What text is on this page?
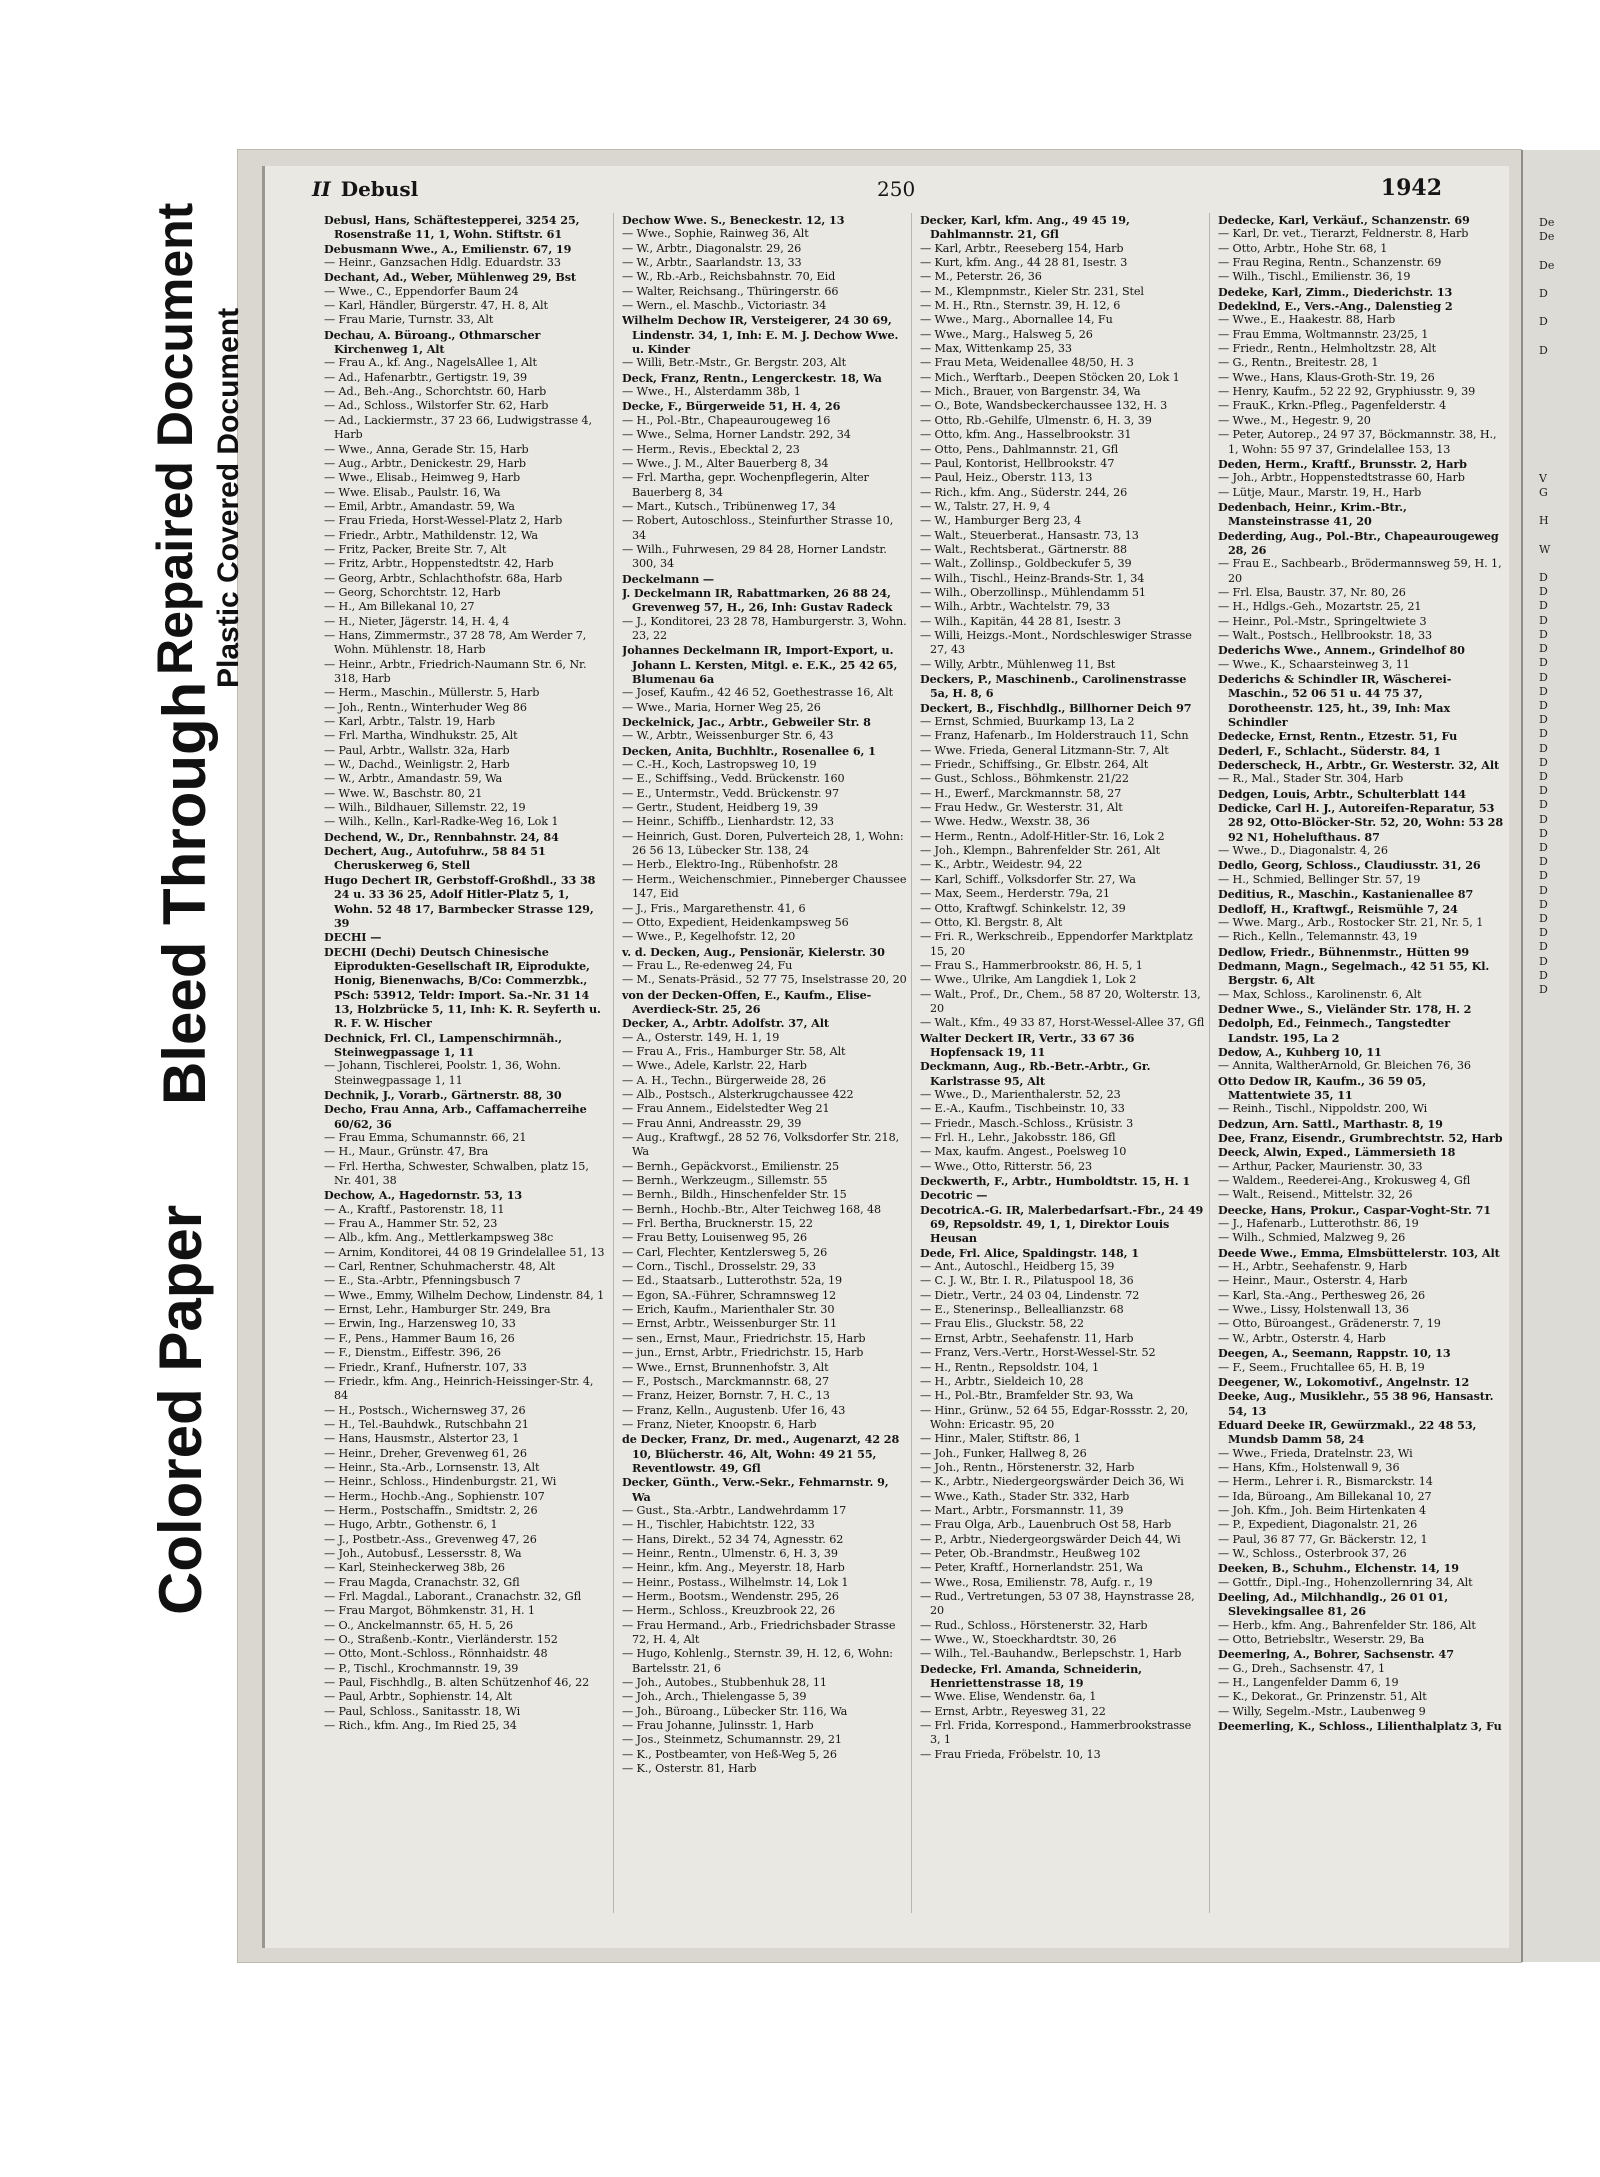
De
De

De

D

D

D

V
G

H

W

D
D
D
D
D
D
D
D
D
D
D
D
D
D
D
D
D
D
D
D
D
D
D
D
D
D
D
D
D
D
Colored Paper
Bleed Through
Repaired Document Plastic Covered Document
II Debusl	250	1942

Debusl, Hans, Schäftestepperei, 3254 25, Rosenstraße 11, 1, Wohn. Stiftstr. 61

Debusmann Wwe., A., Emilienstr. 67, 19

— Heinr., Ganzsachen Hdlg. Eduardstr. 33

Dechant, Ad., Weber, Mühlenweg 29, Bst

— Wwe., C., Eppendorfer Baum 24

— Karl, Händler, Bürgerstr. 47, H. 8, Alt

— Frau Marie, Turnstr. 33, Alt

Dechau, A. Büroang., Othmarscher Kirchenweg 1, Alt

— Frau A., kf. Ang., NagelsAllee 1, Alt

— Ad., Hafenarbtr., Gertigstr. 19, 39

— Ad., Beh.-Ang., Schorchtstr. 60, Harb

— Ad., Schloss., Wilstorfer Str. 62, Harb

— Ad., Lackiermstr., 37 23 66, Ludwigstrasse 4, Harb

— Wwe., Anna, Gerade Str. 15, Harb

— Aug., Arbtr., Denickestr. 29, Harb

— Wwe., Elisab., Heimweg 9, Harb

— Wwe. Elisab., Paulstr. 16, Wa

— Emil, Arbtr., Amandastr. 59, Wa

— Frau Frieda, Horst-Wessel-Platz 2, Harb

— Friedr., Arbtr., Mathildenstr. 12, Wa

— Fritz, Packer, Breite Str. 7, Alt

— Fritz, Arbtr., Hoppenstedtstr. 42, Harb

— Georg, Arbtr., Schlachthofstr. 68a, Harb

— Georg, Schorchtstr. 12, Harb

— H., Am Billekanal 10, 27

— H., Nieter, Jägerstr. 14, H. 4, 4

— Hans, Zimmermstr., 37 28 78, Am Werder 7, Wohn. Mühlenstr. 18, Harb

— Heinr., Arbtr., Friedrich-Naumann Str. 6, Nr. 318, Harb

— Herm., Maschin., Müllerstr. 5, Harb

— Joh., Rentn., Winterhuder Weg 86

— Karl, Arbtr., Talstr. 19, Harb

— Frl. Martha, Windhukstr. 25, Alt

— Paul, Arbtr., Wallstr. 32a, Harb

— W., Dachd., Weinligstr. 2, Harb

— W., Arbtr., Amandastr. 59, Wa

— Wwe. W., Baschstr. 80, 21

— Wilh., Bildhauer, Sillemstr. 22, 19

— Wilh., Kelln., Karl-Radke-Weg 16, Lok 1

Dechend, W., Dr., Rennbahnstr. 24, 84

Dechert, Aug., Autofuhrw., 58 84 51 Cheruskerweg 6, Stell

Hugo Dechert IR, Gerbstoff-Großhdl., 33 38 24 u. 33 36 25, Adolf Hitler-Platz 5, 1, Wohn. 52 48 17, Barmbecker Strasse 129, 39

DECHI —

DECHI (Dechi) Deutsch Chinesische Eiprodukten-Gesellschaft IR, Eiprodukte, Honig, Bienenwachs, B/Co: Commerzbk., PSch: 53912, Teldr: Import. Sa.-Nr. 31 14 13, Holzbrücke 5, 11, Inh: K. R. Seyferth u. R. F. W. Hischer

Dechnick, Frl. Cl., Lampenschirmnäh., Steinwegpassage 1, 11

— Johann, Tischlerei, Poolstr. 1, 36, Wohn. Steinwegpassage 1, 11

Dechnik, J., Vorarb., Gärtnerstr. 88, 30

Decho, Frau Anna, Arb., Caffamacherreihe 60/62, 36

— Frau Emma, Schumannstr. 66, 21

— H., Maur., Grünstr. 47, Bra

— Frl. Hertha, Schwester, Schwalben, platz 15, Nr. 401, 38

Dechow, A., Hagedornstr. 53, 13

— A., Kraftf., Pastorenstr. 18, 11

— Frau A., Hammer Str. 52, 23

— Alb., kfm. Ang., Mettlerkampsweg 38c

— Arnim, Konditorei, 44 08 19 Grindelallee 51, 13

— Carl, Rentner, Schuhmacherstr. 48, Alt

— E., Sta.-Arbtr., Pfenningsbusch 7

— Wwe., Emmy, Wilhelm Dechow, Lindenstr. 84, 1

— Ernst, Lehr., Hamburger Str. 249, Bra

— Erwin, Ing., Harzensweg 10, 33

— F., Pens., Hammer Baum 16, 26

— F., Dienstm., Eiffestr. 396, 26

— Friedr., Kranf., Hufnerstr. 107, 33

— Friedr., kfm. Ang., Heinrich-Heissinger-Str. 4, 84

— H., Postsch., Wichernsweg 37, 26

— H., Tel.-Bauhdwk., Rutschbahn 21

— Hans, Hausmstr., Alstertor 23, 1

— Heinr., Dreher, Grevenweg 61, 26

— Heinr., Sta.-Arb., Lornsenstr. 13, Alt

— Heinr., Schloss., Hindenburgstr. 21, Wi

— Herm., Hochb.-Ang., Sophienstr. 107

— Herm., Postschaffn., Smidtstr. 2, 26

— Hugo, Arbtr., Gothenstr. 6, 1

— J., Postbetr.-Ass., Grevenweg 47, 26

— Joh., Autobusf., Lessersstr. 8, Wa

— Karl, Steinheckerweg 38b, 26

— Frau Magda, Cranachstr. 32, Gfl

— Frl. Magdal., Laborant., Cranachstr. 32, Gfl

— Frau Margot, Böhmkenstr. 31, H. 1

— O., Anckelmannstr. 65, H. 5, 26

— O., Straßenb.-Kontr., Vierländerstr. 152

— Otto, Mont.-Schloss., Rönnhaidstr. 48

— P., Tischl., Krochmannstr. 19, 39

— Paul, Fischhdlg., B. alten Schützenhof 46, 22

— Paul, Arbtr., Sophienstr. 14, Alt

— Paul, Schloss., Sanitasstr. 18, Wi

— Rich., kfm. Ang., Im Ried 25, 34

Dechow Wwe. S., Beneckestr. 12, 13

— Wwe., Sophie, Rainweg 36, Alt

— W., Arbtr., Diagonalstr. 29, 26

— W., Arbtr., Saarlandstr. 13, 33

— W., Rb.-Arb., Reichsbahnstr. 70, Eid

— Walter, Reichsang., Thüringerstr. 66

— Wern., el. Maschb., Victoriastr. 34

Wilhelm Dechow IR, Versteigerer, 24 30 69, Lindenstr. 34, 1, Inh: E. M. J. Dechow Wwe. u. Kinder

— Willi, Betr.-Mstr., Gr. Bergstr. 203, Alt

Deck, Franz, Rentn., Lengerckestr. 18, Wa

— Wwe., H., Alsterdamm 38b, 1

Decke, F., Bürgerweide 51, H. 4, 26

— H., Pol.-Btr., Chapeaurougeweg 16

— Wwe., Selma, Horner Landstr. 292, 34

— Herm., Revis., Ebecktal 2, 23

— Wwe., J. M., Alter Bauerberg 8, 34

— Frl. Martha, gepr. Wochenpflegerin, Alter Bauerberg 8, 34

— Mart., Kutsch., Tribünenweg 17, 34

— Robert, Autoschloss., Steinfurther Strasse 10, 34

— Wilh., Fuhrwesen, 29 84 28, Horner Landstr. 300, 34

Deckelmann —

J. Deckelmann IR, Rabattmarken, 26 88 24, Grevenweg 57, H., 26, Inh: Gustav Radeck

— J., Konditorei, 23 28 78, Hamburgerstr. 3, Wohn. 23, 22

Johannes Deckelmann IR, Import-Export, u. Johann L. Kersten, Mitgl. e. E.K., 25 42 65, Blumenau 6a

— Josef, Kaufm., 42 46 52, Goethestrasse 16, Alt

— Wwe., Maria, Horner Weg 25, 26

Deckelnick, Jac., Arbtr., Gebweiler Str. 8

— W., Arbtr., Weissenburger Str. 6, 43

Decken, Anita, Buchhltr., Rosenallee 6, 1

— C.-H., Koch, Lastropsweg 10, 19

— E., Schiffsing., Vedd. Brückenstr. 160

— E., Untermstr., Vedd. Brückenstr. 97

— Gertr., Student, Heidberg 19, 39

— Heinr., Schiffb., Lienhardstr. 12, 33

— Heinrich, Gust. Doren, Pulverteich 28, 1, Wohn: 26 56 13, Lübecker Str. 138, 24

— Herb., Elektro-Ing., Rübenhofstr. 28

— Herm., Weichenschmier., Pinneberger Chaussee 147, Eid

— J., Fris., Margarethenstr. 41, 6

— Otto, Expedient, Heidenkampsweg 56

— Wwe., P., Kegelhofstr. 12, 20

v. d. Decken, Aug., Pensionär, Kielerstr. 30

— Frau L., Re-edenweg 24, Fu

— M., Senats-Präsid., 52 77 75, Inselstrasse 20, 20

von der Decken-Offen, E., Kaufm., Elise-Averdieck-Str. 25, 26

Decker, A., Arbtr. Adolfstr. 37, Alt

— A., Osterstr. 149, H. 1, 19

— Frau A., Fris., Hamburger Str. 58, Alt

— Wwe., Adele, Karlstr. 22, Harb

— A. H., Techn., Bürgerweide 28, 26

— Alb., Postsch., Alsterkrugchaussee 422

— Frau Annem., Eidelstedter Weg 21

— Frau Anni, Andreasstr. 29, 39

— Aug., Kraftwgf., 28 52 76, Volksdorfer Str. 218, Wa

— Bernh., Gepäckvorst., Emilienstr. 25

— Bernh., Werkzeugm., Sillemstr. 55

— Bernh., Bildh., Hinschenfelder Str. 15

— Bernh., Hochb.-Btr., Alter Teichweg 168, 48

— Frl. Bertha, Brucknerstr. 15, 22

— Frau Betty, Louisenweg 95, 26

— Carl, Flechter, Kentzlersweg 5, 26

— Corn., Tischl., Drosselstr. 29, 33

— Ed., Staatsarb., Lutterothstr. 52a, 19

— Egon, SA.-Führer, Schramnsweg 12

— Erich, Kaufm., Marienthaler Str. 30

— Ernst, Arbtr., Weissenburger Str. 11

— sen., Ernst, Maur., Friedrichstr. 15, Harb

— jun., Ernst, Arbtr., Friedrichstr. 15, Harb

— Wwe., Ernst, Brunnenhofstr. 3, Alt

— F., Postsch., Marckmannstr. 68, 27

— Franz, Heizer, Bornstr. 7, H. C., 13

— Franz, Kelln., Augustenb. Ufer 16, 43

— Franz, Nieter, Knoopstr. 6, Harb

de Decker, Franz, Dr. med., Augenarzt, 42 28 10, Blücherstr. 46, Alt, Wohn: 49 21 55, Reventlowstr. 49, Gfl

Decker, Günth., Verw.-Sekr., Fehmarnstr. 9, Wa

— Gust., Sta.-Arbtr., Landwehrdamm 17

— H., Tischler, Habichtstr. 122, 33

— Hans, Direkt., 52 34 74, Agnesstr. 62

— Heinr., Rentn., Ulmenstr. 6, H. 3, 39

— Heinr., kfm. Ang., Meyerstr. 18, Harb

— Heinr., Postass., Wilhelmstr. 14, Lok 1

— Herm., Bootsm., Wendenstr. 295, 26

— Herm., Schloss., Kreuzbrook 22, 26

— Frau Hermand., Arb., Friedrichsbader Strasse 72, H. 4, Alt

— Hugo, Kohlenlg., Sternstr. 39, H. 12, 6, Wohn: Bartelsstr. 21, 6

— Joh., Autobes., Stubbenhuk 28, 11

— Joh., Arch., Thielengasse 5, 39

— Joh., Büroang., Lübecker Str. 116, Wa

— Frau Johanne, Julinsstr. 1, Harb

— Jos., Steinmetz, Schumannstr. 29, 21

— K., Postbeamter, von Heß-Weg 5, 26

— K., Osterstr. 81, Harb

Decker, Karl, kfm. Ang., 49 45 19, Dahlmannstr. 21, Gfl

— Karl, Arbtr., Reeseberg 154, Harb

— Kurt, kfm. Ang., 44 28 81, Isestr. 3

— M., Peterstr. 26, 36

— M., Klempnmstr., Kieler Str. 231, Stel

— M. H., Rtn., Sternstr. 39, H. 12, 6

— Wwe., Marg., Abornallee 14, Fu

— Wwe., Marg., Halsweg 5, 26

— Max, Wittenkamp 25, 33

— Frau Meta, Weidenallee 48/50, H. 3

— Mich., Werftarb., Deepen Stöcken 20, Lok 1

— Mich., Brauer, von Bargenstr. 34, Wa

— O., Bote, Wandsbeckerchaussee 132, H. 3

— Otto, Rb.-Gehilfe, Ulmenstr. 6, H. 3, 39

— Otto, kfm. Ang., Hasselbrookstr. 31

— Otto, Pens., Dahlmannstr. 21, Gfl

— Paul, Kontorist, Hellbrookstr. 47

— Paul, Heiz., Oberstr. 113, 13

— Rich., kfm. Ang., Süderstr. 244, 26

— W., Talstr. 27, H. 9, 4

— W., Hamburger Berg 23, 4

— Walt., Steuerberat., Hansastr. 73, 13

— Walt., Rechtsberat., Gärtnerstr. 88

— Walt., Zollinsp., Goldbeckufer 5, 39

— Wilh., Tischl., Heinz-Brands-Str. 1, 34

— Wilh., Oberzollinsp., Mühlendamm 51

— Wilh., Arbtr., Wachtelstr. 79, 33

— Wilh., Kapitän, 44 28 81, Isestr. 3

— Willi, Heizgs.-Mont., Nordschleswiger Strasse 27, 43

— Willy, Arbtr., Mühlenweg 11, Bst

Deckers, P., Maschinenb., Carolinenstrasse 5a, H. 8, 6

Deckert, B., Fischhdlg., Billhorner Deich 97

— Ernst, Schmied, Buurkamp 13, La 2

— Franz, Hafenarb., Im Holderstrauch 11, Schn

— Wwe. Frieda, General Litzmann-Str. 7, Alt

— Friedr., Schiffsing., Gr. Elbstr. 264, Alt

— Gust., Schloss., Böhmkenstr. 21/22

— H., Ewerf., Marckmannstr. 58, 27

— Frau Hedw., Gr. Westerstr. 31, Alt

— Wwe. Hedw., Wexstr. 38, 36

— Herm., Rentn., Adolf-Hitler-Str. 16, Lok 2

— Joh., Klempn., Bahrenfelder Str. 261, Alt

— K., Arbtr., Weidestr. 94, 22

— Karl, Schiff., Volksdorfer Str. 27, Wa

— Max, Seem., Herderstr. 79a, 21

— Otto, Kraftwgf. Schinkelstr. 12, 39

— Otto, Kl. Bergstr. 8, Alt

— Fri. R., Werkschreib., Eppendorfer Marktplatz 15, 20

— Frau S., Hammerbrookstr. 86, H. 5, 1

— Wwe., Ulrike, Am Langdiek 1, Lok 2

— Walt., Prof., Dr., Chem., 58 87 20, Wolterstr. 13, 20

— Walt., Kfm., 49 33 87, Horst-Wessel-Allee 37, Gfl

Walter Deckert IR, Vertr., 33 67 36 Hopfensack 19, 11

Deckmann, Aug., Rb.-Betr.-Arbtr., Gr. Karlstrasse 95, Alt

— Wwe., D., Marienthalerstr. 52, 23

— E.-A., Kaufm., Tischbeinstr. 10, 33

— Friedr., Masch.-Schloss., Krüsistr. 3

— Frl. H., Lehr., Jakobsstr. 186, Gfl

— Max, kaufm. Angest., Poelsweg 10

— Wwe., Otto, Ritterstr. 56, 23

Deckwerth, F., Arbtr., Humboldtstr. 15, H. 1

Decotric —

DecotricA.-G. IR, Malerbedarfsart.-Fbr., 24 49 69, Repsoldstr. 49, 1, 1, Direktor Louis Heusan

Dede, Frl. Alice, Spaldingstr. 148, 1

— Ant., Autoschl., Heidberg 15, 39

— C. J. W., Btr. I. R., Pilatuspool 18, 36

— Dietr., Vertr., 24 03 04, Lindenstr. 72

— E., Stenerinsp., Belleallianzstr. 68

— Frau Elis., Gluckstr. 58, 22

— Ernst, Arbtr., Seehafenstr. 11, Harb

— Franz, Vers.-Vertr., Horst-Wessel-Str. 52

— H., Rentn., Repsoldstr. 104, 1

— H., Arbtr., Sieldeich 10, 28

— H., Pol.-Btr., Bramfelder Str. 93, Wa

— Hinr., Grünw., 52 64 55, Edgar-Rossstr. 2, 20, Wohn: Ericastr. 95, 20

— Hinr., Maler, Stiftstr. 86, 1

— Joh., Funker, Hallweg 8, 26

— Joh., Rentn., Hörstenerstr. 32, Harb

— K., Arbtr., Niedergeorgswärder Deich 36, Wi

— Wwe., Kath., Stader Str. 332, Harb

— Mart., Arbtr., Forsmannstr. 11, 39

— Frau Olga, Arb., Lauenbruch Ost 58, Harb

— P., Arbtr., Niedergeorgswärder Deich 44, Wi

— Peter, Ob.-Brandmstr., Heußweg 102

— Peter, Kraftf., Hornerlandstr. 251, Wa

— Wwe., Rosa, Emilienstr. 78, Aufg. r., 19

— Rud., Vertretungen, 53 07 38, Haynstrasse 28, 20

— Rud., Schloss., Hörstenerstr. 32, Harb

— Wwe., W., Stoeckhardtstr. 30, 26

— Wilh., Tel.-Bauhandw., Berlepschstr. 1, Harb

Dedecke, Frl. Amanda, Schneiderin, Henriettenstrasse 18, 19

— Wwe. Elise, Wendenstr. 6a, 1

— Ernst, Arbtr., Reyesweg 31, 22

— Frl. Frida, Korrespond., Hammerbrookstrasse 3, 1

— Frau Frieda, Fröbelstr. 10, 13

Dedecke, Karl, Verkäuf., Schanzenstr. 69

— Karl, Dr. vet., Tierarzt, Feldnerstr. 8, Harb

— Otto, Arbtr., Hohe Str. 68, 1

— Frau Regina, Rentn., Schanzenstr. 69

— Wilh., Tischl., Emilienstr. 36, 19

Dedeke, Karl, Zimm., Diederichstr. 13

Dedeklnd, E., Vers.-Ang., Dalenstieg 2

— Wwe., E., Haakestr. 88, Harb

— Frau Emma, Woltmannstr. 23/25, 1

— Friedr., Rentn., Helmholtzstr. 28, Alt

— G., Rentn., Breitestr. 28, 1

— Wwe., Hans, Klaus-Groth-Str. 19, 26

— Henry, Kaufm., 52 22 92, Gryphiusstr. 9, 39

— FrauK., Krkn.-Pfleg., Pagenfelderstr. 4

— Wwe., M., Hegestr. 9, 20

— Peter, Autorep., 24 97 37, Böckmannstr. 38, H., 1, Wohn: 55 97 37, Grindelallee 153, 13

Deden, Herm., Kraftf., Brunsstr. 2, Harb

— Joh., Arbtr., Hoppenstedtstrasse 60, Harb

— Lütje, Maur., Marstr. 19, H., Harb

Dedenbach, Heinr., Krim.-Btr., Mansteinstrasse 41, 20

Dederding, Aug., Pol.-Btr., Chapeaurougeweg 28, 26

— Frau E., Sachbearb., Brödermannsweg 59, H. 1, 20

— Frl. Elsa, Baustr. 37, Nr. 80, 26

— H., Hdlgs.-Geh., Mozartstr. 25, 21

— Heinr., Pol.-Mstr., Springeltwiete 3

— Walt., Postsch., Hellbrookstr. 18, 33

Dederichs Wwe., Annem., Grindelhof 80

— Wwe., K., Schaarsteinweg 3, 11

Dederichs & Schindler IR, Wäscherei-Maschin., 52 06 51 u. 44 75 37, Dorotheenstr. 125, ht., 39, Inh: Max Schindler

Dedecke, Ernst, Rentn., Etzestr. 51, Fu

Dederl, F., Schlacht., Süderstr. 84, 1

Dederscheck, H., Arbtr., Gr. Westerstr. 32, Alt

— R., Mal., Stader Str. 304, Harb

Dedgen, Louis, Arbtr., Schulterblatt 144

Dedicke, Carl H. J., Autoreifen-Reparatur, 53 28 92, Otto-Blöcker-Str. 52, 20, Wohn: 53 28 92 N1, Hohelufthaus. 87

— Wwe., D., Diagonalstr. 4, 26

Dedlo, Georg, Schloss., Claudiusstr. 31, 26

— H., Schmied, Bellinger Str. 57, 19

Deditius, R., Maschin., Kastanienallee 87

Dedloff, H., Kraftwgf., Reismühle 7, 24

— Wwe. Marg., Arb., Rostocker Str. 21, Nr. 5, 1

— Rich., Kelln., Telemannstr. 43, 19

Dedlow, Friedr., Bühnenmstr., Hütten 99

Dedmann, Magn., Segelmach., 42 51 55, Kl. Bergstr. 6, Alt

— Max, Schloss., Karolinenstr. 6, Alt

Dedner Wwe., S., Vieländer Str. 178, H. 2

Dedolph, Ed., Feinmech., Tangstedter Landstr. 195, La 2

Dedow, A., Kuhberg 10, 11

— Annita, WaltherArnold, Gr. Bleichen 76, 36

Otto Dedow IR, Kaufm., 36 59 05, Mattentwiete 35, 11

— Reinh., Tischl., Nippoldstr. 200, Wi

Dedzun, Arn. Sattl., Marthastr. 8, 19

Dee, Franz, Eisendr., Grumbrechtstr. 52, Harb

Deeck, Alwin, Exped., Lämmersieth 18

— Arthur, Packer, Maurienstr. 30, 33

— Waldem., Reederei-Ang., Krokusweg 4, Gfl

— Walt., Reisend., Mittelstr. 32, 26

Deecke, Hans, Prokur., Caspar-Voght-Str. 71

— J., Hafenarb., Lutterothstr. 86, 19

— Wilh., Schmied, Malzweg 9, 26

Deede Wwe., Emma, Elmsbüttelerstr. 103, Alt

— H., Arbtr., Seehafenstr. 9, Harb

— Heinr., Maur., Osterstr. 4, Harb

— Karl, Sta.-Ang., Perthesweg 26, 26

— Wwe., Lissy, Holstenwall 13, 36

— Otto, Büroangest., Grädenerstr. 7, 19

— W., Arbtr., Osterstr. 4, Harb

Deegen, A., Seemann, Rappstr. 10, 13

— F., Seem., Fruchtallee 65, H. B, 19

Deegener, W., Lokomotivf., Angelnstr. 12

Deeke, Aug., Musiklehr., 55 38 96, Hansastr. 54, 13

Eduard Deeke IR, Gewürzmakl., 22 48 53, Mundsb Damm 58, 24

— Wwe., Frieda, Dratelnstr. 23, Wi

— Hans, Kfm., Holstenwall 9, 36

— Herm., Lehrer i. R., Bismarckstr. 14

— Ida, Büroang., Am Billekanal 10, 27

— Joh. Kfm., Joh. Beim Hirtenkaten 4

— P., Expedient, Diagonalstr. 21, 26

— Paul, 36 87 77, Gr. Bäckerstr. 12, 1

— W., Schloss., Osterbrook 37, 26

Deeken, B., Schuhm., Elchenstr. 14, 19

— Gottfr., Dipl.-Ing., Hohenzollernring 34, Alt

Deeling, Ad., Milchhandlg., 26 01 01, Slevekingsallee 81, 26

— Herb., kfm. Ang., Bahrenfelder Str. 186, Alt

— Otto, Betriebsltr., Weserstr. 29, Ba

Deemerlng, A., Bohrer, Sachsenstr. 47

— G., Dreh., Sachsenstr. 47, 1

— H., Langenfelder Damm 6, 19

— K., Dekorat., Gr. Prinzenstr. 51, Alt

— Willy, Segelm.-Mstr., Laubenweg 9

Deemerling, K., Schloss., Lilienthalplatz 3, Fu
